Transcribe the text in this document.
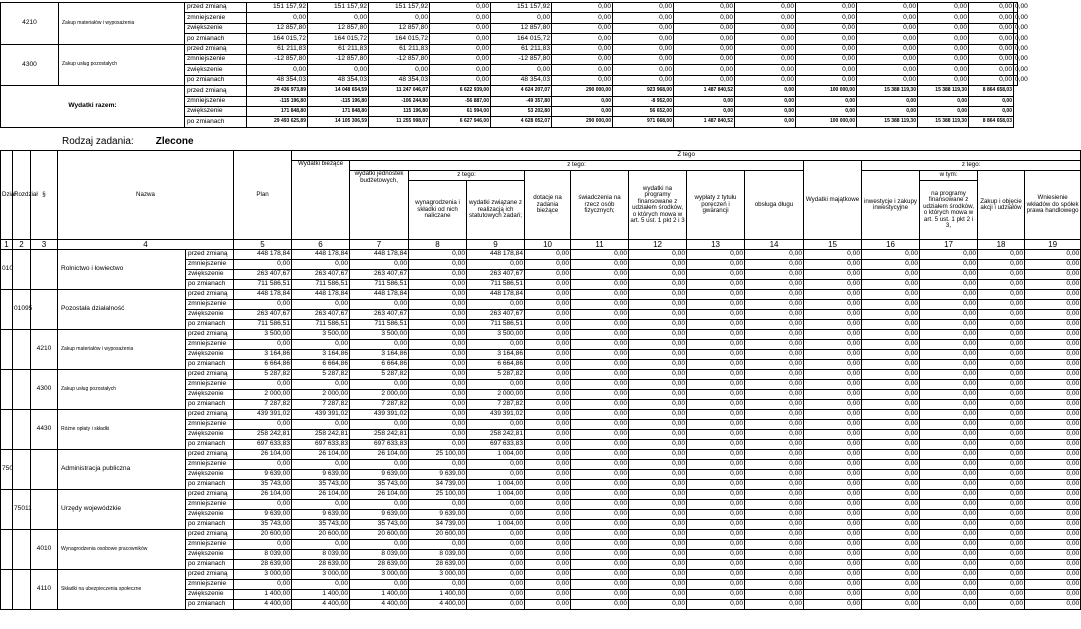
4210	Zakup materiałów i wyposażenia	przed zmianą	151 157,92	151 157,92	151 157,92	0,00	151 157,92	0,00	0,00	0,00	0,00	0,00	0,00	0,00	0,00	0,00
		zmniejszenie	0,00	0,00	0,00	0,00	0,00	0,00	0,00	0,00	0,00	0,00	0,00	0,00	0,00	0,00
		zwiększenie	12 857,80	12 857,80	12 857,80	0,00	12 857,80	0,00	0,00	0,00	0,00	0,00	0,00	0,00	0,00	0,00
		po zmianach	164 015,72	164 015,72	164 015,72	0,00	164 015,72	0,00	0,00	0,00	0,00	0,00	0,00	0,00	0,00	0,00
4300	Zakup usług pozostałych	przed zmianą	61 211,83	61 211,83	61 211,83	0,00	61 211,83	0,00	0,00	0,00	0,00	0,00	0,00	0,00	0,00	0,00
		zmniejszenie	-12 857,80	-12 857,80	-12 857,80	0,00	-12 857,80	0,00	0,00	0,00	0,00	0,00	0,00	0,00	0,00	0,00
		zwiększenie	0,00	0,00	0,00	0,00	0,00	0,00	0,00	0,00	0,00	0,00	0,00	0,00	0,00	0,00
		po zmianach	48 354,03	48 354,03	48 354,03	0,00	48 354,03	0,00	0,00	0,00	0,00	0,00	0,00	0,00	0,00	0,00
Wydatki razem:		przed zmianą	29 436 973,89	14 048 654,59	11 247 046,07	6 622 939,00	4 624 207,07	290 000,00	923 968,00	1 487 840,52	0,00	100 000,00	15 388 119,30	15 388 119,30	8 864 658,03	
		zmniejszenie	-115 196,80	-115 196,80	-106 244,80	-56 887,00	-49 357,80	0,00	-8 952,00	0,00	0,00	0,00	0,00	0,00	0,00	
		zwiększenie	171 848,80	171 848,80	115 196,80	61 994,00	53 202,80	0,00	56 652,00	0,00	0,00	0,00	0,00	0,00	0,00	
		po zmianach	29 493 625,89	14 105 306,59	11 255 998,07	6 627 946,00	4 628 052,07	290 000,00	971 668,00	1 487 840,52	0,00	100 000,00	15 388 119,30	15 388 119,30	8 864 658,03	
Rodzaj zadania: Zlecone
Dział	Rozdział	§	Nazwa		Plan	Z tego													
						Wydatki bieżące	z tego:								Wydatki majątkowe	z tego:			
							wydatki jednostek budżetowych,	z tego:		dotacje na zadania bieżące	świadczenia na rzecz osób fizycznych;	wydatki na programy finansowane z udziałem środków, o których mowa w art. 5 ust. 1 pkt 2 i 3	wypłaty z tytułu poręczeń i gwarancji	obsługa długu		inwestycje i zakupy inwestycyjne	w tym:	Zakup i objęcie akcji i udziałów	Wniesienie wkładów do spółek prawa handlowego
								wynagrodzenia i składki od nich naliczane	wydatki związane z realizacją ich statutowych zadań;								na programy finansowane z udziałem środków, o których mowa w art. 5 ust. 1 pkt 2 i 3,		
1	2	3	4		5	6	7	8	9	10	11	12	13	14	15	16	17	18	19
010			Rolnictwo i łowiectwo	przed zmianą	448 178,84	448 178,84	448 178,84	0,00	448 178,84	0,00	0,00	0,00	0,00	0,00	0,00	0,00	0,00	0,00	0,00
				zmniejszenie	0,00	0,00	0,00	0,00	0,00	0,00	0,00	0,00	0,00	0,00	0,00	0,00	0,00	0,00	0,00
				zwiększenie	263 407,67	263 407,67	263 407,67	0,00	263 407,67	0,00	0,00	0,00	0,00	0,00	0,00	0,00	0,00	0,00	0,00
				po zmianach	711 586,51	711 586,51	711 586,51	0,00	711 586,51	0,00	0,00	0,00	0,00	0,00	0,00	0,00	0,00	0,00	0,00
	01095		Pozostała działalność	przed zmianą	448 178,84	448 178,84	448 178,84	0,00	448 178,84	0,00	0,00	0,00	0,00	0,00	0,00	0,00	0,00	0,00	0,00
				zmniejszenie	0,00	0,00	0,00	0,00	0,00	0,00	0,00	0,00	0,00	0,00	0,00	0,00	0,00	0,00	0,00
				zwiększenie	263 407,67	263 407,67	263 407,67	0,00	263 407,67	0,00	0,00	0,00	0,00	0,00	0,00	0,00	0,00	0,00	0,00
				po zmianach	711 586,51	711 586,51	711 586,51	0,00	711 586,51	0,00	0,00	0,00	0,00	0,00	0,00	0,00	0,00	0,00	0,00
		4210	Zakup materiałów i wyposażenia	przed zmianą	3 500,00	3 500,00	3 500,00	0,00	3 500,00	0,00	0,00	0,00	0,00	0,00	0,00	0,00	0,00	0,00	0,00
				zmniejszenie	0,00	0,00	0,00	0,00	0,00	0,00	0,00	0,00	0,00	0,00	0,00	0,00	0,00	0,00	0,00
				zwiększenie	3 164,86	3 164,86	3 164,86	0,00	3 164,86	0,00	0,00	0,00	0,00	0,00	0,00	0,00	0,00	0,00	0,00
				po zmianach	6 664,86	6 664,86	6 664,86	0,00	6 664,86	0,00	0,00	0,00	0,00	0,00	0,00	0,00	0,00	0,00	0,00
		4300	Zakup usług pozostałych	przed zmianą	5 287,82	5 287,82	5 287,82	0,00	5 287,82	0,00	0,00	0,00	0,00	0,00	0,00	0,00	0,00	0,00	0,00
				zmniejszenie	0,00	0,00	0,00	0,00	0,00	0,00	0,00	0,00	0,00	0,00	0,00	0,00	0,00	0,00	0,00
				zwiększenie	2 000,00	2 000,00	2 000,00	0,00	2 000,00	0,00	0,00	0,00	0,00	0,00	0,00	0,00	0,00	0,00	0,00
				po zmianach	7 287,82	7 287,82	7 287,82	0,00	7 287,82	0,00	0,00	0,00	0,00	0,00	0,00	0,00	0,00	0,00	0,00
		4430	Różne opłaty i składki	przed zmianą	439 391,02	439 391,02	439 391,02	0,00	439 391,02	0,00	0,00	0,00	0,00	0,00	0,00	0,00	0,00	0,00	0,00
				zmniejszenie	0,00	0,00	0,00	0,00	0,00	0,00	0,00	0,00	0,00	0,00	0,00	0,00	0,00	0,00	0,00
				zwiększenie	258 242,81	258 242,81	258 242,81	0,00	258 242,81	0,00	0,00	0,00	0,00	0,00	0,00	0,00	0,00	0,00	0,00
				po zmianach	697 633,83	697 633,83	697 633,83	0,00	697 633,83	0,00	0,00	0,00	0,00	0,00	0,00	0,00	0,00	0,00	0,00
750			Administracja publiczna	przed zmianą	26 104,00	26 104,00	26 104,00	25 100,00	1 004,00	0,00	0,00	0,00	0,00	0,00	0,00	0,00	0,00	0,00	0,00
				zmniejszenie	0,00	0,00	0,00	0,00	0,00	0,00	0,00	0,00	0,00	0,00	0,00	0,00	0,00	0,00	0,00
				zwiększenie	9 639,00	9 639,00	9 639,00	9 639,00	0,00	0,00	0,00	0,00	0,00	0,00	0,00	0,00	0,00	0,00	0,00
				po zmianach	35 743,00	35 743,00	35 743,00	34 739,00	1 004,00	0,00	0,00	0,00	0,00	0,00	0,00	0,00	0,00	0,00	0,00
	75011		Urzędy wojewódzkie	przed zmianą	26 104,00	26 104,00	26 104,00	25 100,00	1 004,00	0,00	0,00	0,00	0,00	0,00	0,00	0,00	0,00	0,00	0,00
				zmniejszenie	0,00	0,00	0,00	0,00	0,00	0,00	0,00	0,00	0,00	0,00	0,00	0,00	0,00	0,00	0,00
				zwiększenie	9 639,00	9 639,00	9 639,00	9 639,00	0,00	0,00	0,00	0,00	0,00	0,00	0,00	0,00	0,00	0,00	0,00
				po zmianach	35 743,00	35 743,00	35 743,00	34 739,00	1 004,00	0,00	0,00	0,00	0,00	0,00	0,00	0,00	0,00	0,00	0,00
		4010	Wynagrodzenia osobowe pracowników	przed zmianą	20 600,00	20 600,00	20 600,00	20 600,00	0,00	0,00	0,00	0,00	0,00	0,00	0,00	0,00	0,00	0,00	0,00
				zmniejszenie	0,00	0,00	0,00	0,00	0,00	0,00	0,00	0,00	0,00	0,00	0,00	0,00	0,00	0,00	0,00
				zwiększenie	8 039,00	8 039,00	8 039,00	8 039,00	0,00	0,00	0,00	0,00	0,00	0,00	0,00	0,00	0,00	0,00	0,00
				po zmianach	28 639,00	28 639,00	28 639,00	28 639,00	0,00	0,00	0,00	0,00	0,00	0,00	0,00	0,00	0,00	0,00	0,00
		4110	Składki na ubezpieczenia społeczne	przed zmianą	3 000,00	3 000,00	3 000,00	3 000,00	0,00	0,00	0,00	0,00	0,00	0,00	0,00	0,00	0,00	0,00	0,00
				zmniejszenie	0,00	0,00	0,00	0,00	0,00	0,00	0,00	0,00	0,00	0,00	0,00	0,00	0,00	0,00	0,00
				zwiększenie	1 400,00	1 400,00	1 400,00	1 400,00	0,00	0,00	0,00	0,00	0,00	0,00	0,00	0,00	0,00	0,00	0,00
				po zmianach	4 400,00	4 400,00	4 400,00	4 400,00	0,00	0,00	0,00	0,00	0,00	0,00	0,00	0,00	0,00	0,00	0,00
